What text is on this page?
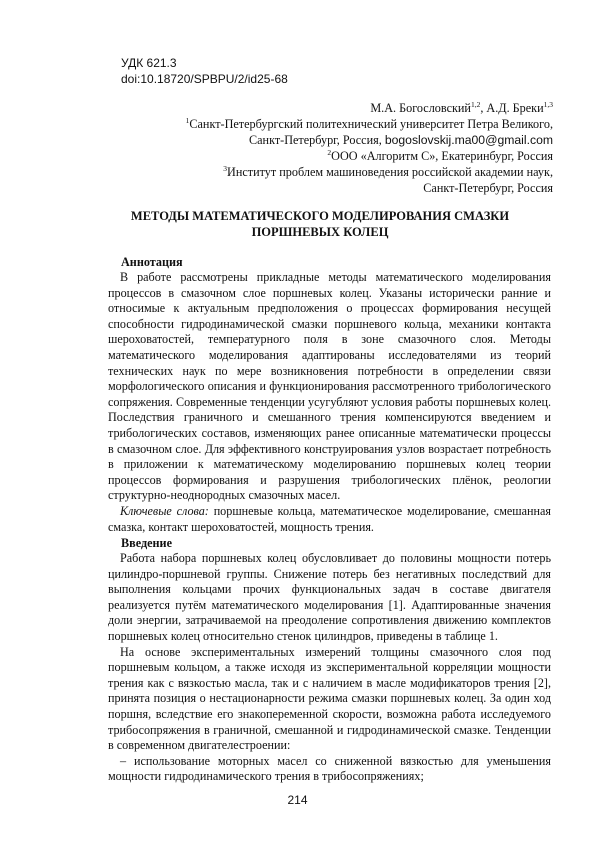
УДК 621.3
doi:10.18720/SPBPU/2/id25-68
М.А. Богословский$^{1,2}$, А.Д. Бреки$^{1,3}$
$^1$Санкт-Петербургский политехнический университет Петра Великого,
Санкт-Петербург, Россия, bogoslovskij.ma00@gmail.com
$^2$ООО «Алгоритм С», Екатеринбург, Россия
$^3$Институт проблем машиноведения российской академии наук,
Санкт-Петербург, Россия
МЕТОДЫ МАТЕМАТИЧЕСКОГО МОДЕЛИРОВАНИЯ СМАЗКИ
ПОРШНЕВЫХ КОЛЕЦ
Аннотация

В работе рассмотрены прикладные методы математического моделирования процессов в смазочном слое поршневых колец. Указаны исторически ранние и относимые к актуальным предположения о процессах формирования несущей способности гидродинамической смазки поршневого кольца, механики контакта шероховатостей, температурного поля в зоне смазочного слоя. Методы математического моделирования адаптированы исследователями из теорий технических наук по мере возникновения потребности в определении связи морфологического описания и функционирования рассмотренного трибологического сопряжения. Современные тенденции усугубляют условия работы поршневых колец. Последствия граничного и смешанного трения компенсируются введением и трибологических составов, изменяющих ранее описанные математически процессы в смазочном слое. Для эффективного конструирования узлов возрастает потребность в приложении к математическому моделированию поршневых колец теории процессов формирования и разрушения трибологических плёнок, реологии структурно-неоднородных смазочных масел.

Ключевые слова: поршневые кольца, математическое моделирование, смешанная смазка, контакт шероховатостей, мощность трения.

Введение

Работа набора поршневых колец обусловливает до половины мощности потерь цилиндро-поршневой группы. Снижение потерь без негативных последствий для выполнения кольцами прочих функциональных задач в составе двигателя реализуется путём математического моделирования [1]. Адаптированные значения доли энергии, затрачиваемой на преодоление сопротивления движению комплектов поршневых колец относительно стенок цилиндров, приведены в таблице 1.

На основе экспериментальных измерений толщины смазочного слоя под поршневым кольцом, а также исходя из экспериментальной корреляции мощности трения как с вязкостью масла, так и с наличием в масле модификаторов трения [2], принята позиция о нестационарности режима смазки поршневых колец. За один ход поршня, вследствие его знакопеременной скорости, возможна работа исследуемого трибосопряжения в граничной, смешанной и гидродинамической смазке. Тенденции в современном двигателестроении:

– использование моторных масел со сниженной вязкостью для уменьшения мощности гидродинамического трения в трибосопряжениях;

214
